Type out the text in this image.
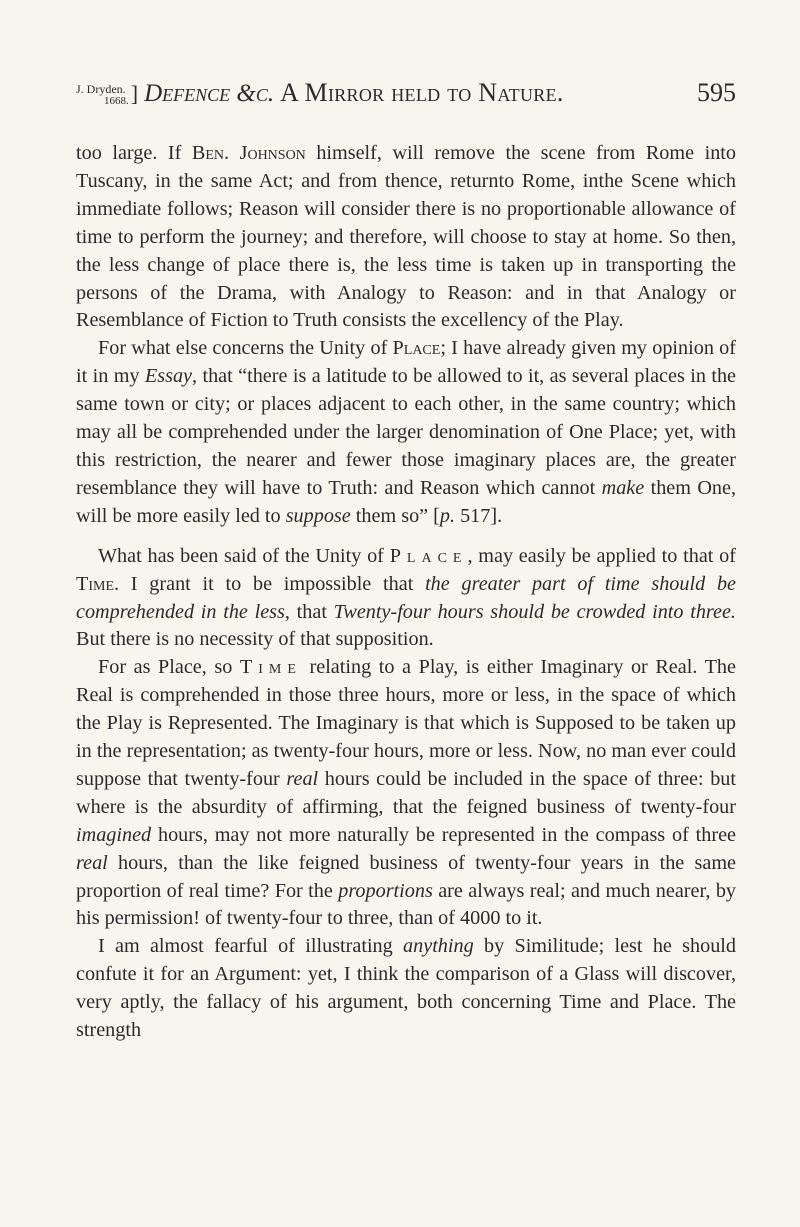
J. Dryden.
1668. ] Defence &c. A Mirror held to Nature.	595

too large. If Ben. Johnson himself, will remove the scene from Rome into Tuscany, in the same Act; and from thence, returnto Rome, inthe Scene which immediate follows; Reason will consider there is no proportionable allowance of time to perform the journey; and therefore, will choose to stay at home. So then, the less change of place there is, the less time is taken up in transporting the persons of the Drama, with Analogy to Reason: and in that Analogy or Resemblance of Fiction to Truth consists the excellency of the Play.

For what else concerns the Unity of Place; I have already given my opinion of it in my Essay, that “there is a latitude to be allowed to it, as several places in the same town or city; or places adjacent to each other, in the same country; which may all be comprehended under the larger denomination of One Place; yet, with this restriction, the nearer and fewer those imaginary places are, the greater resemblance they will have to Truth: and Reason which cannot make them One, will be more easily led to suppose them so” [p. 517].

What has been said of the Unity of Place, may easily be applied to that of Time. I grant it to be impossible that the greater part of time should be comprehended in the less, that Twenty-four hours should be crowded into three. But there is no necessity of that supposition.

For as Place, so Time relating to a Play, is either Imaginary or Real. The Real is comprehended in those three hours, more or less, in the space of which the Play is Represented. The Imaginary is that which is Supposed to be taken up in the representation; as twenty-four hours, more or less. Now, no man ever could suppose that twenty-four real hours could be included in the space of three: but where is the absurdity of affirming, that the feigned business of twenty-four imagined hours, may not more naturally be represented in the compass of three real hours, than the like feigned business of twenty-four years in the same proportion of real time? For the proportions are always real; and much nearer, by his permission! of twenty-four to three, than of 4000 to it.

I am almost fearful of illustrating anything by Similitude; lest he should confute it for an Argument: yet, I think the comparison of a Glass will discover, very aptly, the fallacy of his argument, both concerning Time and Place. The strength
